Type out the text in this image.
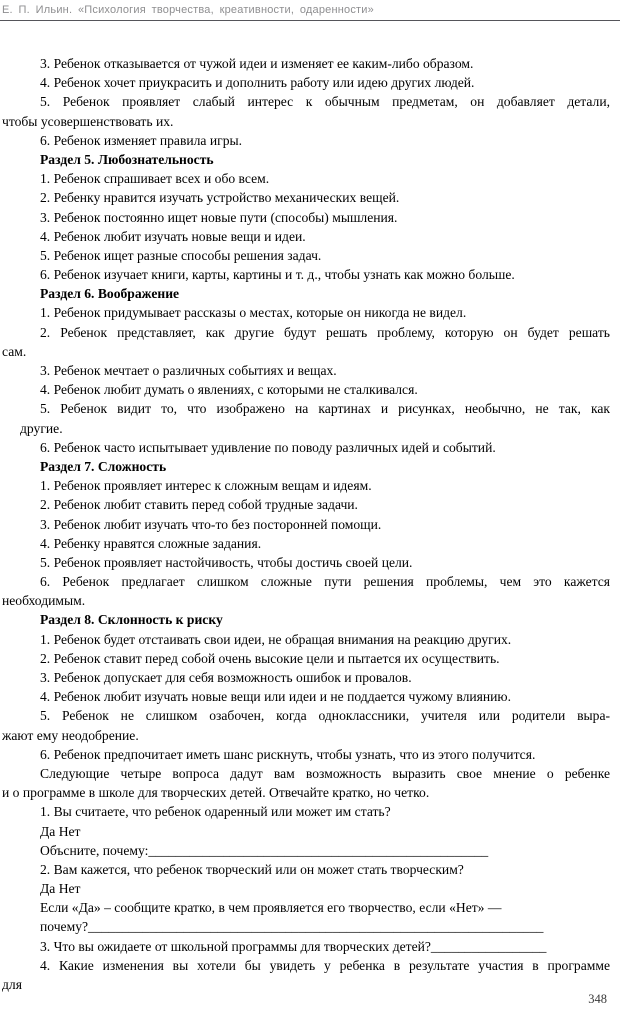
Е. П. Ильин. «Психология творчества, креативности, одаренности»
3. Ребенок отказывается от чужой идеи и изменяет ее каким-либо образом.
4. Ребенок хочет приукрасить и дополнить работу или идею других людей.
5. Ребенок проявляет слабый интерес к обычным предметам, он добавляет детали,
чтобы усовершенствовать их.
6. Ребенок изменяет правила игры.
Раздел 5. Любознательность
1. Ребенок спрашивает всех и обо всем.
2. Ребенку нравится изучать устройство механических вещей.
3. Ребенок постоянно ищет новые пути (способы) мышления.
4. Ребенок любит изучать новые вещи и идеи.
5. Ребенок ищет разные способы решения задач.
6. Ребенок изучает книги, карты, картины и т. д., чтобы узнать как можно больше.
Раздел 6. Воображение
1. Ребенок придумывает рассказы о местах, которые он никогда не видел.
2. Ребенок представляет, как другие будут решать проблему, которую он будет решать
сам.
3. Ребенок мечтает о различных событиях и вещах.
4. Ребенок любит думать о явлениях, с которыми не сталкивался.
5. Ребенок видит то, что изображено на картинах и рисунках, необычно, не так, как
другие.
6. Ребенок часто испытывает удивление по поводу различных идей и событий.
Раздел 7. Сложность
1. Ребенок проявляет интерес к сложным вещам и идеям.
2. Ребенок любит ставить перед собой трудные задачи.
3. Ребенок любит изучать что-то без посторонней помощи.
4. Ребенку нравятся сложные задания.
5. Ребенок проявляет настойчивость, чтобы достичь своей цели.
6. Ребенок предлагает слишком сложные пути решения проблемы, чем это кажется
необходимым.
Раздел 8. Склонность к риску
1. Ребенок будет отстаивать свои идеи, не обращая внимания на реакцию других.
2. Ребенок ставит перед собой очень высокие цели и пытается их осуществить.
3. Ребенок допускает для себя возможность ошибок и провалов.
4. Ребенок любит изучать новые вещи или идеи и не поддается чужому влиянию.
5. Ребенок не слишком озабочен, когда одноклассники, учителя или родители выра-
жают ему неодобрение.
6. Ребенок предпочитает иметь шанс рискнуть, чтобы узнать, что из этого получится.
Следующие четыре вопроса дадут вам возможность выразить свое мнение о ребенке
и о программе в школе для творческих детей. Отвечайте кратко, но четко.
1. Вы считаете, что ребенок одаренный или может им стать?
Да Нет
Объсните, почему:__________________________________________________
2. Вам кажется, что ребенок творческий или он может стать творческим?
Да Нет
Если «Да» – сообщите кратко, в чем проявляется его творчество, если «Нет» —
почему?___________________________________________________________________
3. Что вы ожидаете от школьной программы для творческих детей?_________________
4. Какие изменения вы хотели бы увидеть у ребенка в результате участия в программе
для
348
